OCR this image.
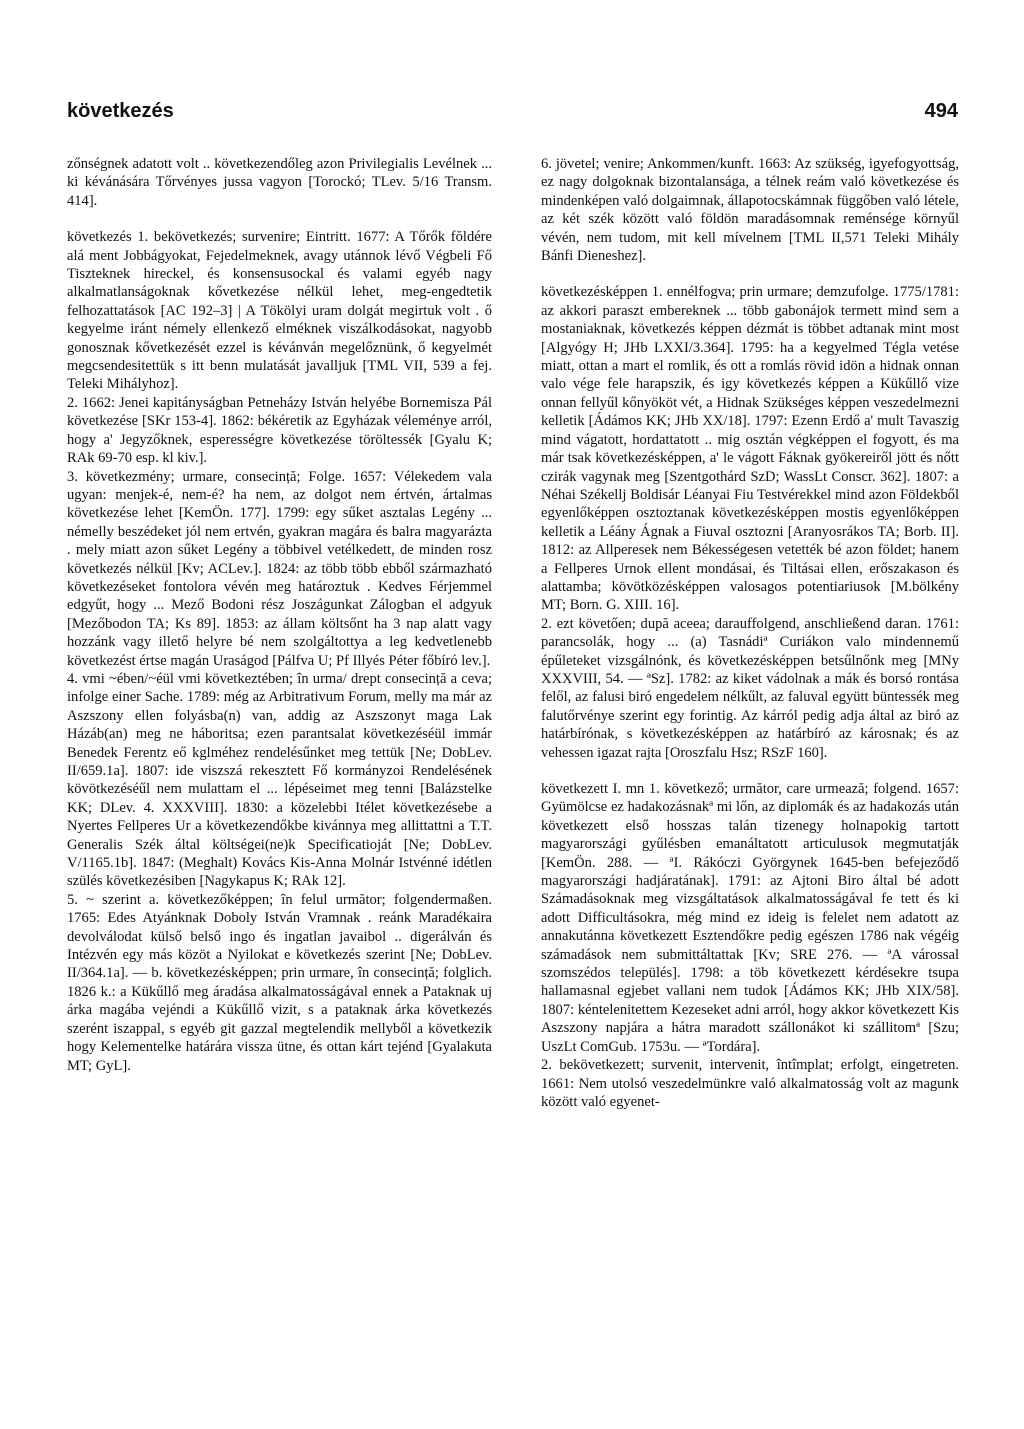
következés	494

zőnségnek adatott volt .. következendőleg azon Privilegialis Levélnek ... ki kévánására Tőrvényes jussa vagyon [Torockó; TLev. 5/16 Transm. 414].

következés 1. bekövetkezés; survenire; Eintritt. 1677: A Tőrők fŏldére alá ment Jobbágyokat, Fejedelmeknek, avagy utánnok lévő Végbeli Fő Tiszteknek hireckel, és konsensusockal és valami egyéb nagy alkalmatlanságoknak kővetkezése nélkül lehet, meg-engedtetik felhozattatások [AC 192–3] | A Tökölyi uram dolgát megirtuk volt . ő kegyelme iránt némely ellenkező elméknek viszálkodásokat, nagyobb gonosznak kővetkezését ezzel is kévánván megelőznünk, ő kegyelmét megcsendesitettük s itt benn mulatását javalljuk [TML VII, 539 a fej. Teleki Mihályhoz].

2. 1662: Jenei kapitányságban Petneházy István helyébe Bornemisza Pál következése [SKr 153-4]. 1862: békéretik az Egyházak véleménye arról, hogy a' Jegyzőknek, esperességre következése töröltessék [Gyalu K; RAk 69-70 esp. kl kiv.].

3. következmény; urmare, consecință; Folge. 1657: Vélekedem vala ugyan: menjek-é, nem-é? ha nem, az dolgot nem értvén, ártalmas következése lehet [KemÖn. 177]. 1799: egy sűket asztalas Legény ... némelly beszédeket jól nem ertvén, gyakran magára és balra magyarázta . mely miatt azon sűket Legény a többivel vetélkedett, de minden rosz következés nélkül [Kv; ACLev.]. 1824: az több több ebből származható következéseket fontolora vévén meg határoztuk . Kedves Férjemmel edgyűt, hogy ... Mező Bodoni rész Joszágunkat Zálogban el adgyuk [Mezőbodon TA; Ks 89]. 1853: az állam költsőnt ha 3 nap alatt vagy hozzánk vagy illető helyre bé nem szolgáltottya a leg kedvetlenebb következést értse magán Uraságod [Pálfva U; Pf Illyés Péter főbíró lev.].

4. vmi ~ében/~éül vmi következtében; în urma/ drept consecință a ceva; infolge einer Sache. 1789: még az Arbitrativum Forum, melly ma már az Aszszony ellen folyásba(n) van, addig az Aszszonyt maga Lak Házáb(an) meg ne háboritsa; ezen parantsalat következéséül immár Benedek Ferentz eő kglméhez rendelésűnket meg tettük [Ne; DobLev. II/659.1a]. 1807: ide viszszá rekesztett Fő kormányzoi Rendelésének kövötkezéséűl nem mulattam el ... lépéseimet meg tenni [Balázstelke KK; DLev. 4. XXXVIII]. 1830: a közelebbi Itélet következésebe a Nyertes Fellperes Ur a következendőkbe kivánnya meg allittattni a T.T. Generalis Szék által költségei(ne)k Specificatioját [Ne; DobLev. V/1165.1b]. 1847: (Meghalt) Kovács Kis-Anna Molnár Istvénné idétlen szülés következésiben [Nagykapus K; RAk 12].

5. ~ szerint a. következőképpen; în felul următor; folgendermaßen. 1765: Edes Atyánknak Doboly István Vramnak . reánk Maradékaira devolválodat külső belső ingo és ingatlan javaibol .. digerálván és Intézvén egy más közöt a Nyilokat e következés szerint [Ne; DobLev. II/364.1a]. — b. következésképpen; prin urmare, în consecință; folglich. 1826 k.: a Kükűllő meg áradása alkalmatosságával ennek a Pataknak uj árka magába vejéndi a Kükűllő vizit, s a pataknak árka következés szerént iszappal, s egyéb git gazzal megtelendik mellyből a következik hogy Kelementelke határára vissza ütne, és ottan kárt tejénd [Gyalakuta MT; GyL].

6. jövetel; venire; Ankommen/kunft. 1663: Az szükség, igyefogyottság, ez nagy dolgoknak bizontalansága, a télnek reám való következése és mindenképen való dolgaimnak, állapotocskámnak függőben való létele, az két szék között való földön maradásomnak reménsége környűl vévén, nem tudom, mit kell mívelnem [TML II,571 Teleki Mihály Bánfi Dieneshez].

következésképpen 1. ennélfogva; prin urmare; demzufolge. 1775/1781: az akkori paraszt embereknek ... több gabonájok termett mind sem a mostaniaknak, következés képpen dézmát is többet adtanak mint most [Algyógy H; JHb LXXI/3.364]. 1795: ha a kegyelmed Tégla vetése miatt, ottan a mart el romlik, és ott a romlás rövid idön a hidnak onnan valo vége fele harapszik, és igy következés képpen a Kükűllő vize onnan fellyűl kőnyököt vét, a Hidnak Szükséges képpen veszedelmezni kelletik [Ádámos KK; JHb XX/18]. 1797: Ezenn Erdő a' mult Tavaszig mind vágatott, hordattatott .. mig osztán végképpen el fogyott, és ma már tsak következésképpen, a' le vágott Fáknak gyökereiről jött és nőtt czirák vagynak meg [Szentgothárd SzD; WassLt Conscr. 362]. 1807: a Néhai Székellj Boldisár Léanyai Fiu Testvérekkel mind azon Földekből egyenlőképpen osztoztanak következésképpen mostis egyenlőképpen kelletik a Léány Ágnak a Fiuval osztozni [Aranyosrákos TA; Borb. II]. 1812: az Allperesek nem Békességesen vetették bé azon földet; hanem a Fellperes Urnok ellent mondásai, és Tiltásai ellen, erőszakason és alattamba; kövötközésképpen valosagos potentiariusok [M.bölkény MT; Born. G. XIII. 16].

2. ezt követően; după aceea; darauffolgend, anschließend daran. 1761: parancsolák, hogy ... (a) Tasnádiª Curiákon valo mindennemű épűleteket vizsgálnónk, és következésképpen betsűlnőnk meg [MNy XXXVIII, 54. — ªSz]. 1782: az kiket vádolnak a mák és borsó rontása felől, az falusi biró engedelem nélkűlt, az faluval együtt büntessék meg falutőrvénye szerint egy forintig. Az kárról pedig adja által az biró az határbírónak, s következésképpen az határbíró az károsnak; és az vehessen igazat rajta [Oroszfalu Hsz; RSzF 160].

következett I. mn 1. következő; următor, care urmează; folgend. 1657: Gyümölcse ez hadakozásnakª mi lőn, az diplomák és az hadakozás után következett első hosszas talán tizenegy holnapokig tartott magyarországi gyűlésben emanáltatott articulusok megmutatják [KemÖn. 288. — ªI. Rákóczi Györgynek 1645-ben befejeződő magyarországi hadjáratának]. 1791: az Ajtoni Biro által bé adott Számadásoknak meg vizsgáltatások alkalmatosságával fe tett és ki adott Difficultásokra, még mind ez ideig is felelet nem adatott az annakutánna következett Esztendőkre pedig egészen 1786 nak végéig számadások nem submittáltattak [Kv; SRE 276. — ªA várossal szomszédos település]. 1798: a töb következett kérdésekre tsupa hallamasnal egjebet vallani nem tudok [Ádámos KK; JHb XIX/58]. 1807: kéntelenitettem Kezeseket adni arról, hogy akkor következett Kis Aszszony napjára a hátra maradott szállonákot ki szállitomª [Szu; UszLt ComGub. 1753u. — ªTordára].

2. bekövetkezett; survenit, intervenit, întîmplat; erfolgt, eingetreten. 1661: Nem utolsó veszedelmünkre való alkalmatosság volt az magunk között való egyenet-
